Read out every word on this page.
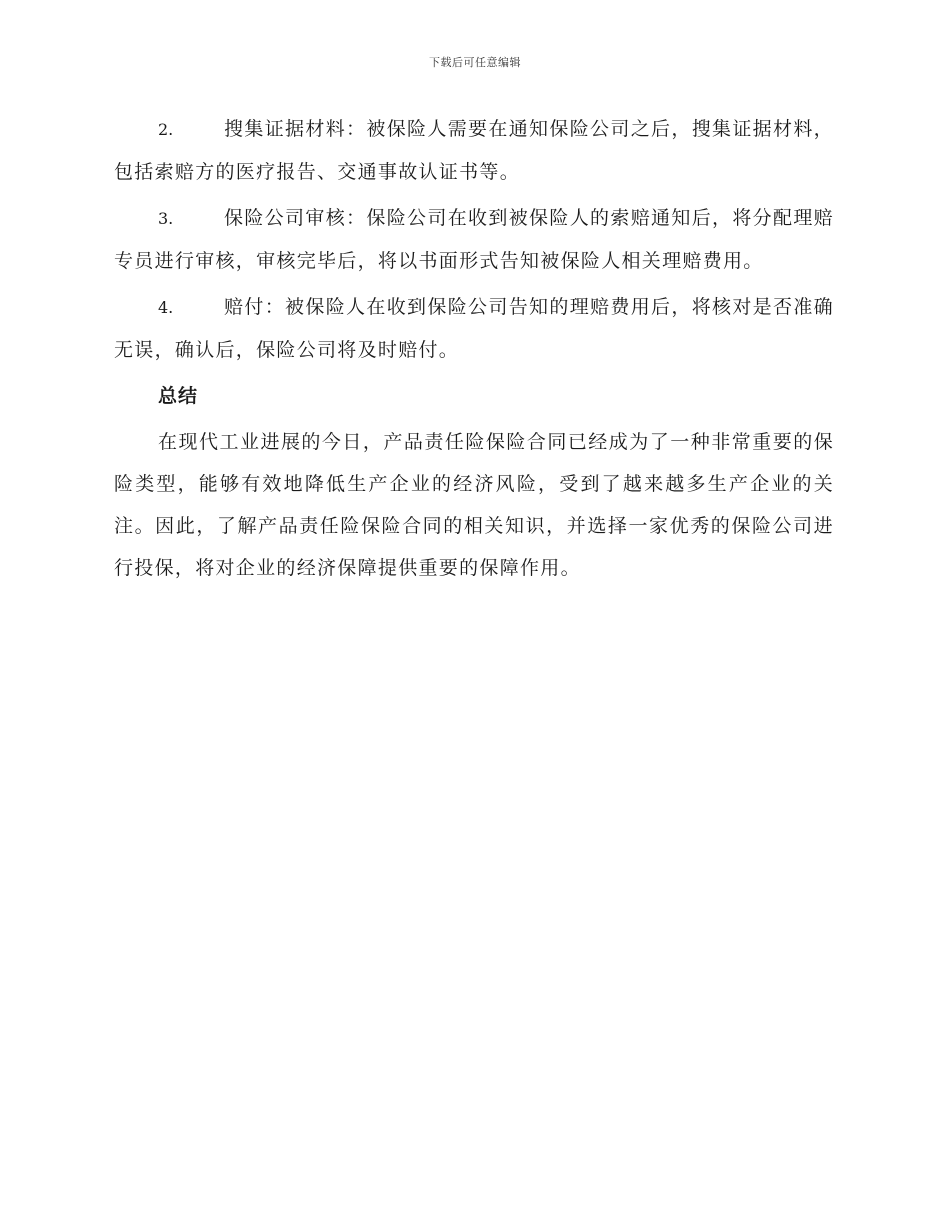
下载后可任意编辑

2.	搜集证据材料：被保险人需要在通知保险公司之后，搜集证据材料，包括索赔方的医疗报告、交通事故认证书等。

3.	保险公司审核：保险公司在收到被保险人的索赔通知后，将分配理赔专员进行审核，审核完毕后，将以书面形式告知被保险人相关理赔费用。

4.	赔付：被保险人在收到保险公司告知的理赔费用后，将核对是否准确无误，确认后，保险公司将及时赔付。

总结

在现代工业进展的今日，产品责任险保险合同已经成为了一种非常重要的保险类型，能够有效地降低生产企业的经济风险，受到了越来越多生产企业的关注。因此，了解产品责任险保险合同的相关知识，并选择一家优秀的保险公司进行投保，将对企业的经济保障提供重要的保障作用。
